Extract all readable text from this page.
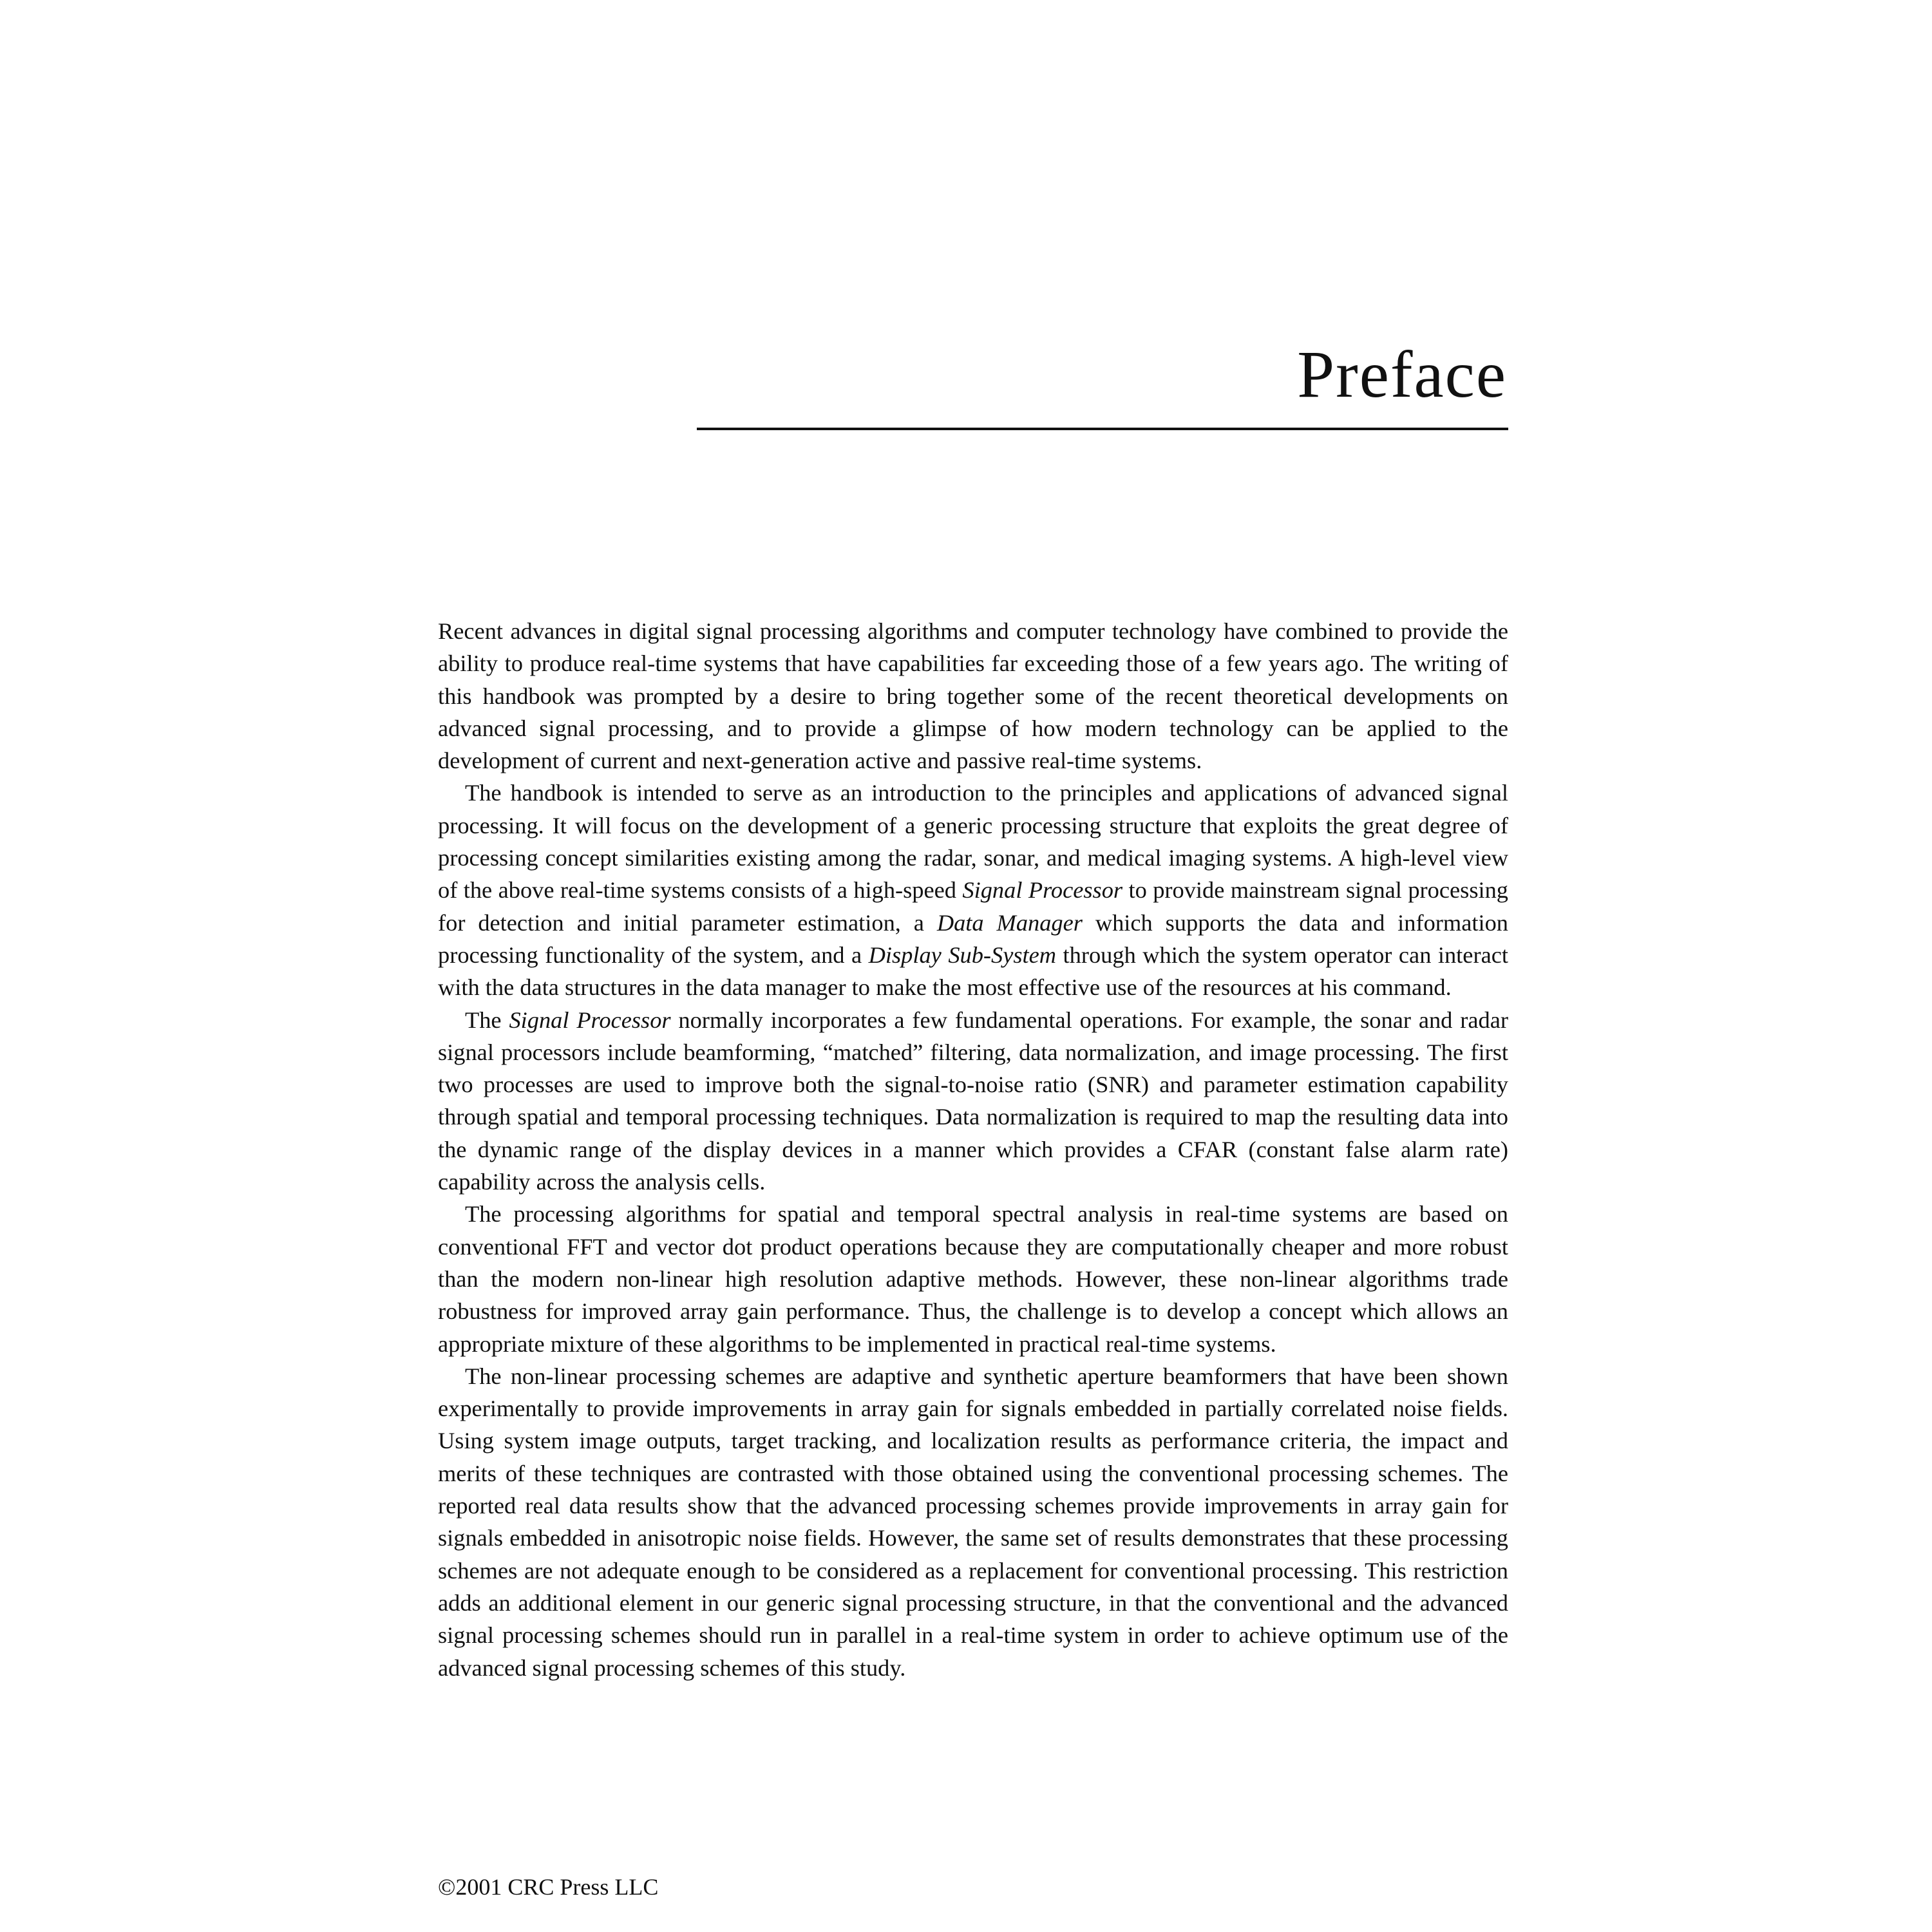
Preface

Recent advances in digital signal processing algorithms and computer technology have combined to provide the ability to produce real-time systems that have capabilities far exceeding those of a few years ago. The writing of this handbook was prompted by a desire to bring together some of the recent theoretical developments on advanced signal processing, and to provide a glimpse of how modern technology can be applied to the development of current and next-generation active and passive real-time systems.

The handbook is intended to serve as an introduction to the principles and applications of advanced signal processing. It will focus on the development of a generic processing structure that exploits the great degree of processing concept similarities existing among the radar, sonar, and medical imaging systems. A high-level view of the above real-time systems consists of a high-speed Signal Processor to provide mainstream signal processing for detection and initial parameter estimation, a Data Manager which supports the data and information processing functionality of the system, and a Display Sub-System through which the system operator can interact with the data structures in the data manager to make the most effective use of the resources at his command.

The Signal Processor normally incorporates a few fundamental operations. For example, the sonar and radar signal processors include beamforming, “matched” filtering, data normalization, and image processing. The first two processes are used to improve both the signal-to-noise ratio (SNR) and parameter estimation capability through spatial and temporal processing techniques. Data normalization is required to map the resulting data into the dynamic range of the display devices in a manner which provides a CFAR (constant false alarm rate) capability across the analysis cells.

The processing algorithms for spatial and temporal spectral analysis in real-time systems are based on conventional FFT and vector dot product operations because they are computationally cheaper and more robust than the modern non-linear high resolution adaptive methods. However, these non-linear algorithms trade robustness for improved array gain performance. Thus, the challenge is to develop a concept which allows an appropriate mixture of these algorithms to be implemented in practical real-time systems.

The non-linear processing schemes are adaptive and synthetic aperture beamformers that have been shown experimentally to provide improvements in array gain for signals embedded in partially correlated noise fields. Using system image outputs, target tracking, and localization results as performance criteria, the impact and merits of these techniques are contrasted with those obtained using the conventional processing schemes. The reported real data results show that the advanced processing schemes provide improvements in array gain for signals embedded in anisotropic noise fields. However, the same set of results demonstrates that these processing schemes are not adequate enough to be considered as a replacement for conventional processing. This restriction adds an additional element in our generic signal processing structure, in that the conventional and the advanced signal processing schemes should run in parallel in a real-time system in order to achieve optimum use of the advanced signal processing schemes of this study.

©2001 CRC Press LLC
